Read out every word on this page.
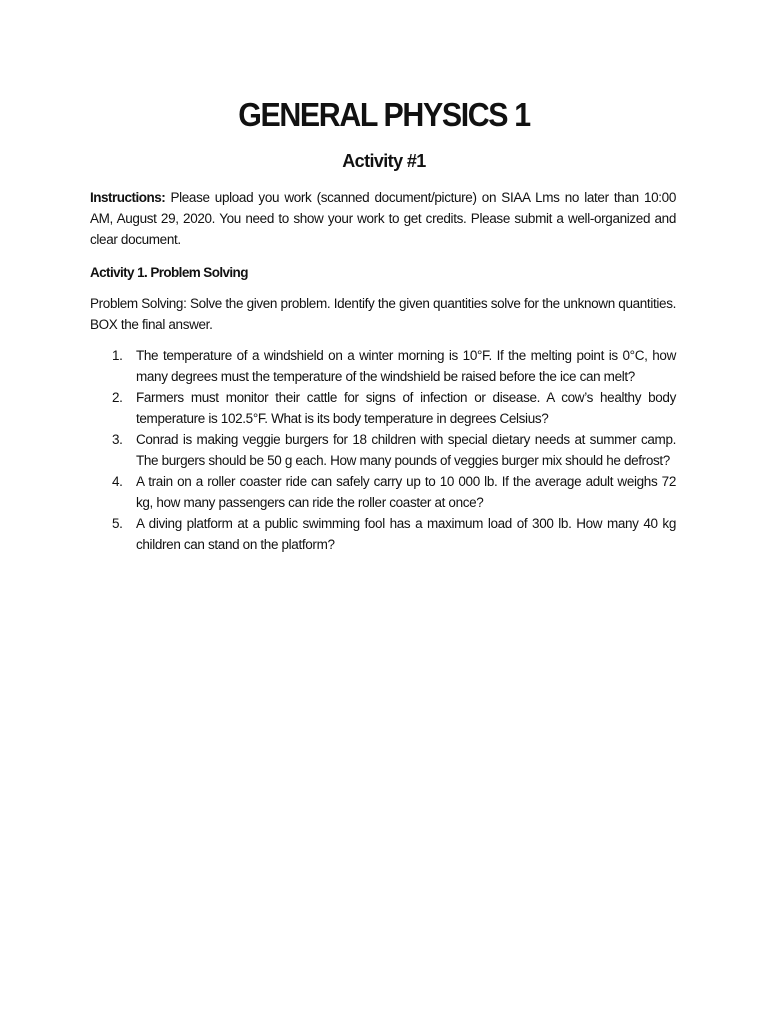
GENERAL PHYSICS 1
Activity #1

Instructions: Please upload you work (scanned document/picture) on SIAA Lms no later than 10:00 AM, August 29, 2020. You need to show your work to get credits. Please submit a well-organized and clear document.

Activity 1. Problem Solving

Problem Solving: Solve the given problem. Identify the given quantities solve for the unknown quantities. BOX the final answer.

1. The temperature of a windshield on a winter morning is 10°F. If the melting point is 0°C, how many degrees must the temperature of the windshield be raised before the ice can melt?
2. Farmers must monitor their cattle for signs of infection or disease. A cow’s healthy body temperature is 102.5°F. What is its body temperature in degrees Celsius?
3. Conrad is making veggie burgers for 18 children with special dietary needs at summer camp. The burgers should be 50 g each. How many pounds of veggies burger mix should he defrost?
4. A train on a roller coaster ride can safely carry up to 10 000 lb. If the average adult weighs 72 kg, how many passengers can ride the roller coaster at once?
5. A diving platform at a public swimming fool has a maximum load of 300 lb. How many 40 kg children can stand on the platform?
